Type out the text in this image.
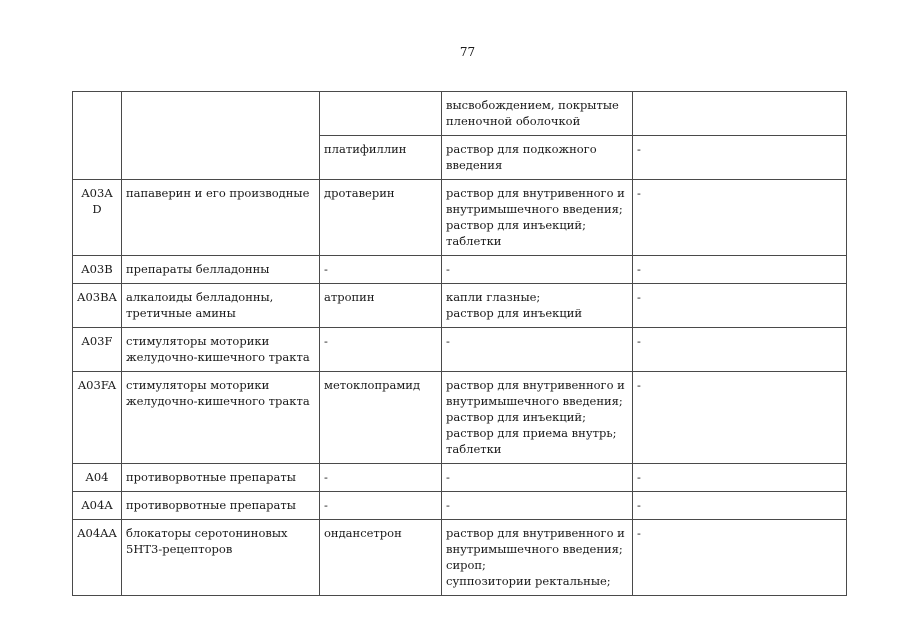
77

			высвобождением, покрытые
пленочной оболочкой	

		платифиллин	раствор для подкожного
введения	-
A03AD	папаверин и его производные	дротаверин	раствор для внутривенного и
внутримышечного введения;
раствор для инъекций;
таблетки	-
A03B	препараты белладонны	-	-	-
A03BA	алкалоиды белладонны, третичные амины	атропин	капли глазные;
раствор для инъекций	-
A03F	стимуляторы моторики желудочно-кишечного тракта	-	-	-
A03FA	стимуляторы моторики желудочно-кишечного тракта	метоклопрамид	раствор для внутривенного и
внутримышечного введения;
раствор для инъекций;
раствор для приема внутрь;
таблетки	-
A04	противорвотные препараты	-	-	-
A04A	противорвотные препараты	-	-	-
A04AA	блокаторы серотониновых 5HT3-рецепторов	ондансетрон	раствор для внутривенного и
внутримышечного введения;
сироп;
суппозитории ректальные;	-
